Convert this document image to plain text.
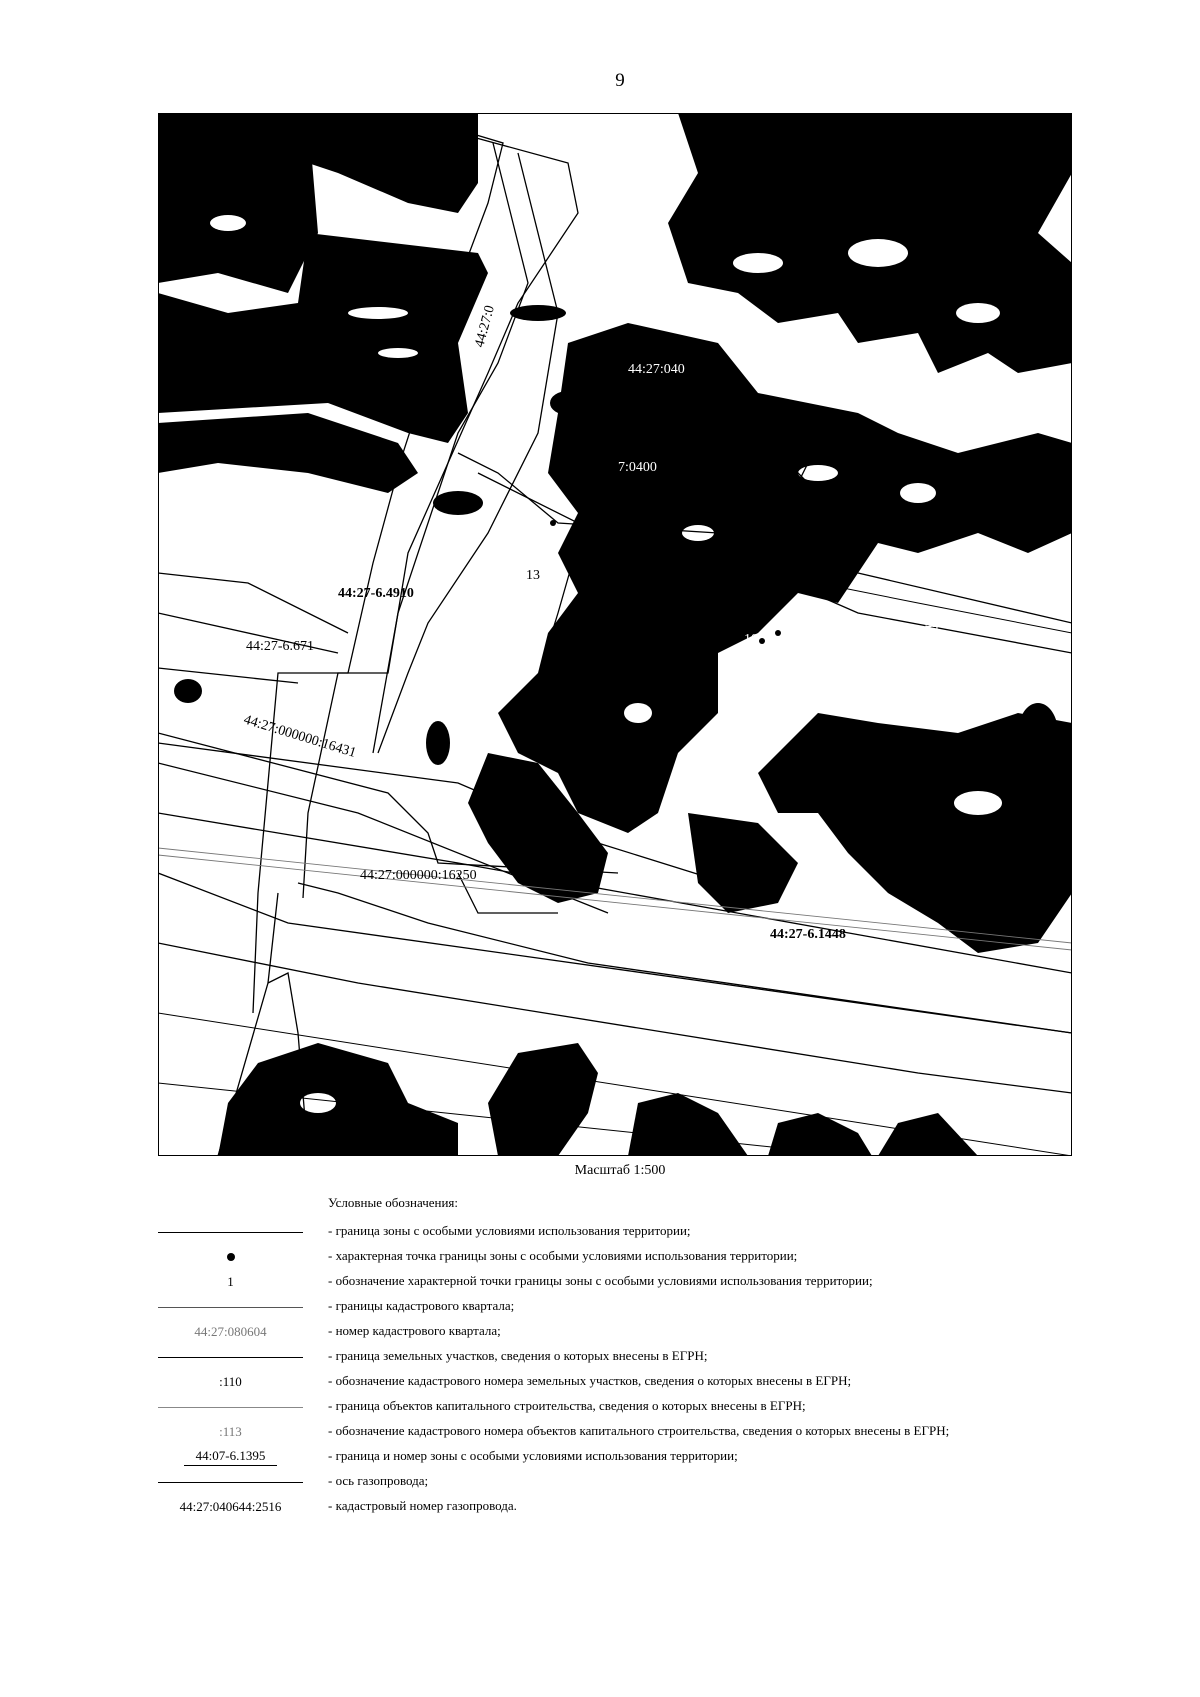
9
44:27-6.4910
44:27-6.671
44:27:000000:16431
44:27:000000:16250
44:27-6.1448
:1365(2)
13
10
9
8
7
6
44:27:0
44:27:040
7:0400
44:27-6.16
44
:17
Масштаб 1:500
Условные обозначения:
- граница зоны с особыми условиями использования территории;
- характерная точка границы зоны с особыми условиями использования территории;
1	- обозначение характерной точки границы зоны с особыми условиями использования территории;
- границы кадастрового квартала;
44:27:080604	- номер кадастрового квартала;
- граница земельных участков, сведения о которых внесены в ЕГРН;
:110	- обозначение кадастрового номера земельных участков, сведения о которых внесены в ЕГРН;
- граница объектов капитального строительства, сведения о которых внесены в ЕГРН;
:113	- обозначение кадастрового номера объектов капитального строительства, сведения о которых внесены в ЕГРН;
44:07-6.1395	- граница и номер зоны с особыми условиями использования территории;
- ось газопровода;
44:27:040644:2516	- кадастровый номер газопровода.
